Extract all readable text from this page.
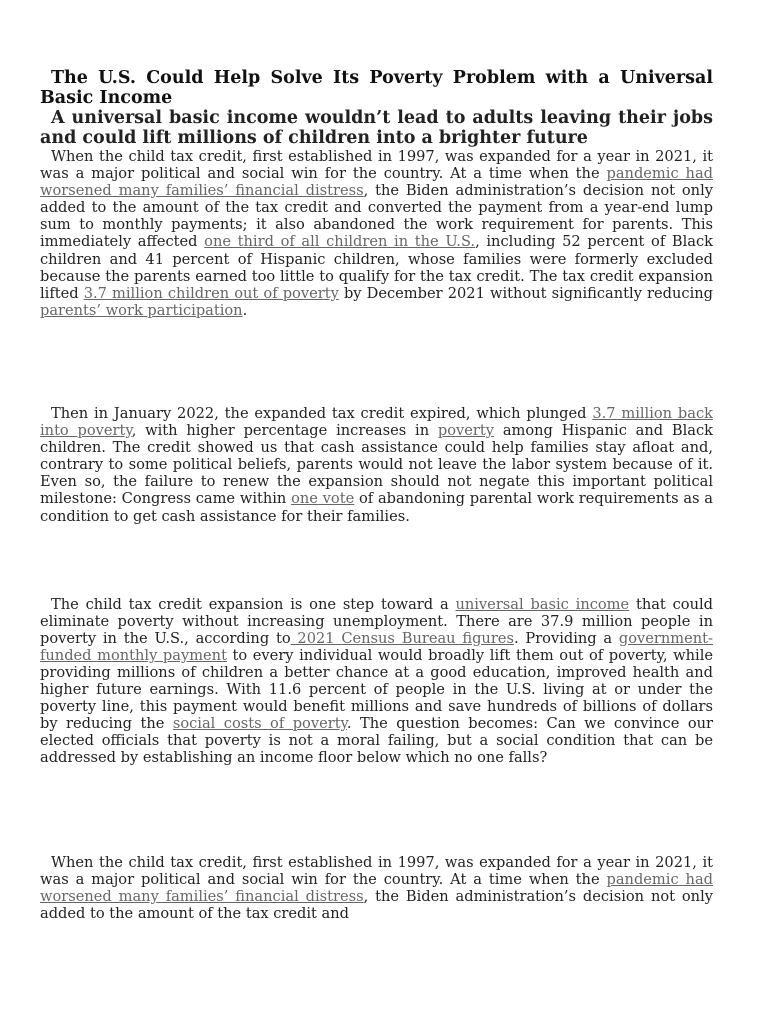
The U.S. Could Help Solve Its Poverty Problem with a Universal Basic Income
A universal basic income wouldn’t lead to adults leaving their jobs and could lift millions of children into a brighter future

When the child tax credit, first established in 1997, was expanded for a year in 2021, it was a major political and social win for the country. At a time when the pandemic had worsened many families’ financial distress, the Biden administration’s decision not only added to the amount of the tax credit and converted the payment from a year-end lump sum to monthly payments; it also abandoned the work requirement for parents. This immediately affected one third of all children in the U.S., including 52 percent of Black children and 41 percent of Hispanic children, whose families were formerly excluded because the parents earned too little to qualify for the tax credit. The tax credit expansion lifted 3.7 million children out of poverty by December 2021 without significantly reducing parents’ work participation.

Then in January 2022, the expanded tax credit expired, which plunged 3.7 million back into poverty, with higher percentage increases in poverty among Hispanic and Black children. The credit showed us that cash assistance could help families stay afloat and, contrary to some political beliefs, parents would not leave the labor system because of it. Even so, the failure to renew the expansion should not negate this important political milestone: Congress came within one vote of abandoning parental work requirements as a condition to get cash assistance for their families.

The child tax credit expansion is one step toward a universal basic income that could eliminate poverty without increasing unemployment. There are 37.9 million people in poverty in the U.S., according to 2021 Census Bureau figures. Providing a government-funded monthly payment to every individual would broadly lift them out of poverty, while providing millions of children a better chance at a good education, improved health and higher future earnings. With 11.6 percent of people in the U.S. living at or under the poverty line, this payment would benefit millions and save hundreds of billions of dollars by reducing the social costs of poverty. The question becomes: Can we convince our elected officials that poverty is not a moral failing, but a social condition that can be addressed by establishing an income floor below which no one falls?

When the child tax credit, first established in 1997, was expanded for a year in 2021, it was a major political and social win for the country. At a time when the pandemic had worsened many families’ financial distress, the Biden administration’s decision not only added to the amount of the tax credit and
